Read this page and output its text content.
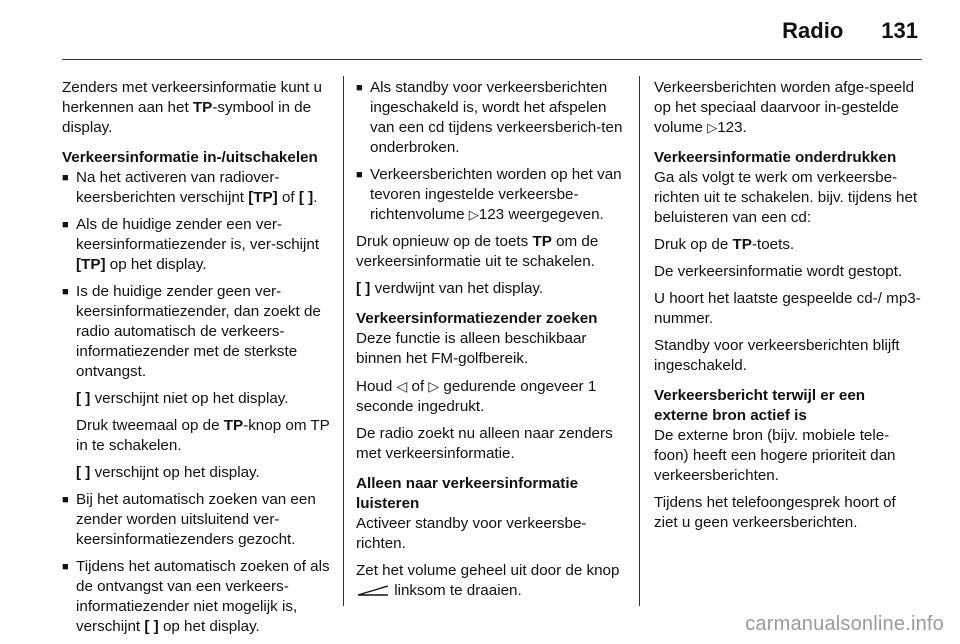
Radio 131

Zenders met verkeersinformatie kunt u herkennen aan het TP-symbool in de display.

Verkeersinformatie in-/uitschakelen

■ Na het activeren van radiover-keersberichten verschijnt [TP] of [ ].

■ Als de huidige zender een ver-keersinformatiezender is, ver-schijnt [TP] op het display.

■ Is de huidige zender geen ver-keersinformatiezender, dan zoekt de radio automatisch de verkeers-informatiezender met de sterkste ontvangst.

[ ] verschijnt niet op het display.

Druk tweemaal op de TP-knop om TP in te schakelen.

[ ] verschijnt op het display.

■ Bij het automatisch zoeken van een zender worden uitsluitend ver-keersinformatiezenders gezocht.

■ Tijdens het automatisch zoeken of als de ontvangst van een verkeers-informatiezender niet mogelijk is, verschijnt [ ] op het display.

■ Als standby voor verkeersberichten ingeschakeld is, wordt het afspelen van een cd tijdens verkeersberich-ten onderbroken.

■ Verkeersberichten worden op het van tevoren ingestelde verkeersbe-richtenvolume ▷123 weergegeven.

Druk opnieuw op de toets TP om de verkeersinformatie uit te schakelen.

[ ] verdwijnt van het display.

Verkeersinformatiezender zoeken

Deze functie is alleen beschikbaar binnen het FM-golfbereik.

Houd ◁ of ▷ gedurende ongeveer 1 seconde ingedrukt.

De radio zoekt nu alleen naar zenders met verkeersinformatie.

Alleen naar verkeersinformatie luisteren

Activeer standby voor verkeersbe-richten.

Zet het volume geheel uit door de knop  linksom te draaien.

Verkeersberichten worden afge-speeld op het speciaal daarvoor in-gestelde volume ▷123.

Verkeersinformatie onderdrukken

Ga als volgt te werk om verkeersbe-richten uit te schakelen. bijv. tijdens het beluisteren van een cd:

Druk op de TP-toets.

De verkeersinformatie wordt gestopt.

U hoort het laatste gespeelde cd-/ mp3-nummer.

Standby voor verkeersberichten blijft ingeschakeld.

Verkeersbericht terwijl er een externe bron actief is

De externe bron (bijv. mobiele tele-foon) heeft een hogere prioriteit dan verkeersberichten.

Tijdens het telefoongesprek hoort of ziet u geen verkeersberichten.

carmanualsonline.info
